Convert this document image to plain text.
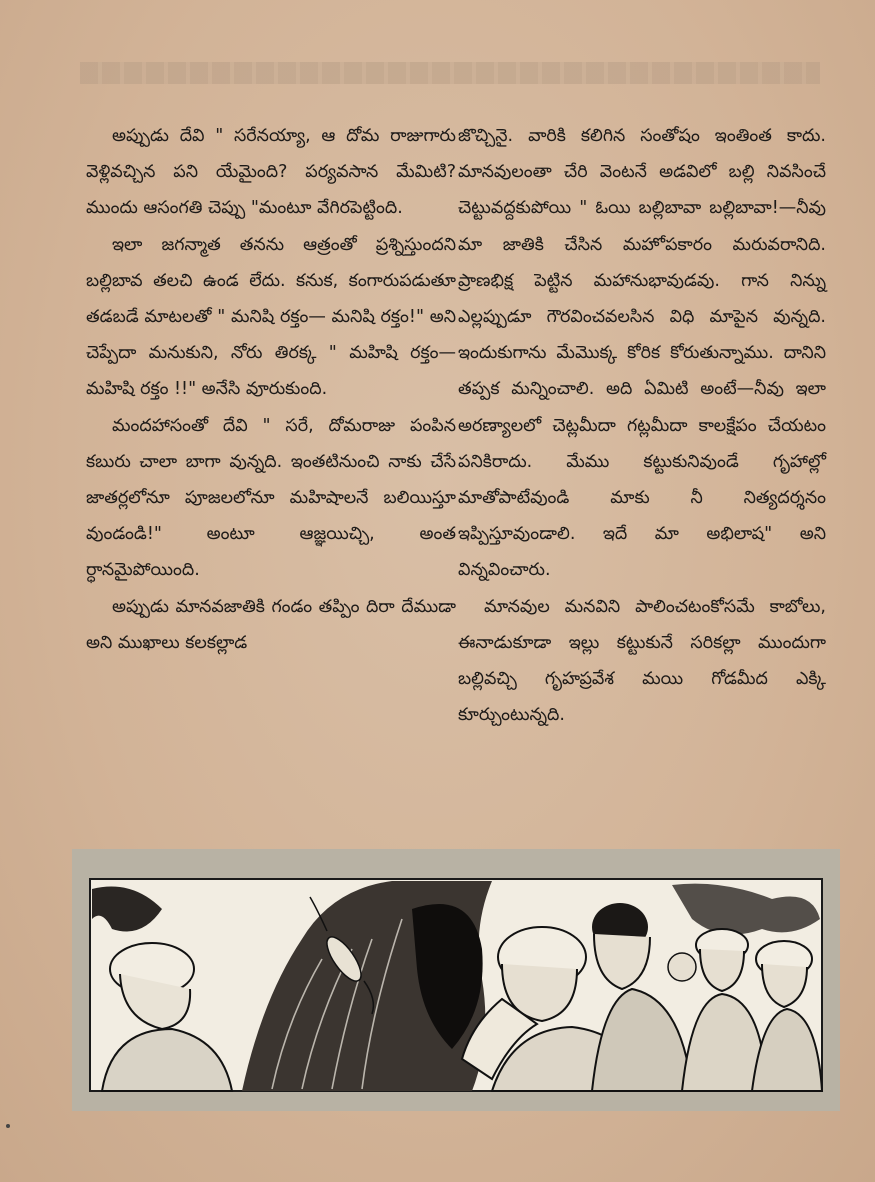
అప్పుడు దేవి " సరేనయ్యా, ఆ దోమ రాజుగారు వెళ్లివచ్చిన పని యేమైంది? పర్యవసాన మేమిటి? ముందు ఆసంగతి చెప్పు "మంటూ వేగిరపెట్టింది.

ఇలా జగన్మాత తనను ఆత్రంతో ప్రశ్నిస్తుందని బల్లిబావ తలచి ఉండ లేదు. కనుక, కంగారుపడుతూ తడబడే మాటలతో " మనిషి రక్తం— మనిషి రక్తం!" అని చెప్పేదా మనుకుని, నోరు తిరక్క " మహిషి రక్తం—మహిషి రక్తం !!" అనేసి వూరుకుంది.

మందహాసంతో దేవి " సరే, దోమరాజు పంపిన కబురు చాలా బాగా వున్నది. ఇంతటినుంచి నాకు చేసే జాతర్లలోనూ పూజలలోనూ మహిషాలనే బలియిస్తూ వుండండి!" అంటూ ఆజ్ఞయిచ్చి, అంత ర్ధానమైపోయింది.

అప్పుడు మానవజాతికి గండం తప్పిం దిరా దేముడా అని ముఖాలు కలకల్లాడ

జొచ్చినై. వారికి కలిగిన సంతోషం ఇంతింత కాదు. మానవులంతా చేరి వెంటనే అడవిలో బల్లి నివసించే చెట్టువద్దకుపోయి " ఓయి బల్లిబావా బల్లిబావా!—నీవు మా జాతికి చేసిన మహోపకారం మరువరానిది. ప్రాణభిక్ష పెట్టిన మహానుభావుడవు. గాన నిన్ను ఎల్లప్పుడూ గౌరవించవలసిన విధి మాపైన వున్నది. ఇందుకుగాను మేమొక్క కోరిక కోరుతున్నాము. దానిని తప్పక మన్నించాలి. అది ఏమిటి అంటే—నీవు ఇలా అరణ్యాలలో చెట్లమీదా గట్లమీదా కాలక్షేపం చేయటం పనికిరాదు. మేము కట్టుకునివుండే గృహాల్లో మాతోపాటేవుండి మాకు నీ నిత్యదర్శనం ఇప్పిస్తూవుండాలి. ఇదే మా అభిలాష" అని విన్నవించారు.

మానవుల మనవిని పాలించటంకోసమే కాబోలు, ఈనాడుకూడా ఇల్లు కట్టుకునే సరికల్లా ముందుగా బల్లివచ్చి గృహప్రవేశ మయి గోడమీద ఎక్కి కూర్చుంటున్నది.
